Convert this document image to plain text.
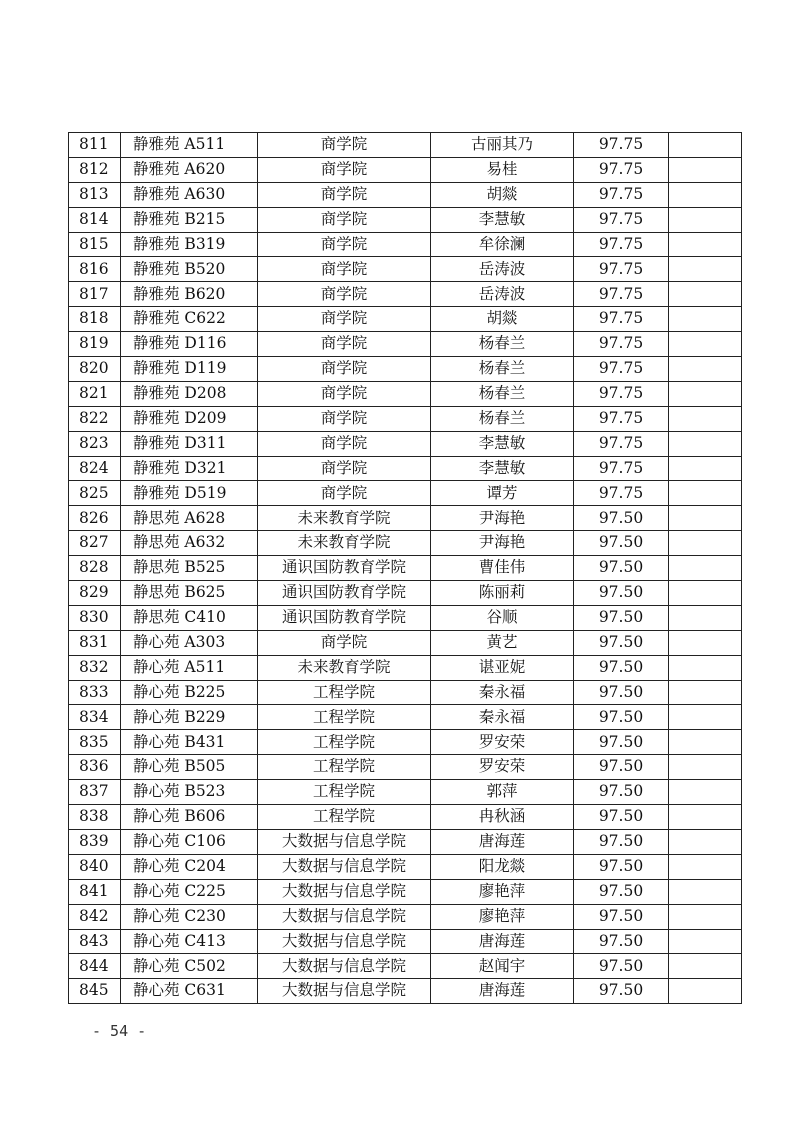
811	静雅苑 A511	商学院	古丽其乃	97.75	
812	静雅苑 A620	商学院	易桂	97.75	
813	静雅苑 A630	商学院	胡燚	97.75	
814	静雅苑 B215	商学院	李慧敏	97.75	
815	静雅苑 B319	商学院	牟徐澜	97.75	
816	静雅苑 B520	商学院	岳涛波	97.75	
817	静雅苑 B620	商学院	岳涛波	97.75	
818	静雅苑 C622	商学院	胡燚	97.75	
819	静雅苑 D116	商学院	杨春兰	97.75	
820	静雅苑 D119	商学院	杨春兰	97.75	
821	静雅苑 D208	商学院	杨春兰	97.75	
822	静雅苑 D209	商学院	杨春兰	97.75	
823	静雅苑 D311	商学院	李慧敏	97.75	
824	静雅苑 D321	商学院	李慧敏	97.75	
825	静雅苑 D519	商学院	谭芳	97.75	
826	静思苑 A628	未来教育学院	尹海艳	97.50	
827	静思苑 A632	未来教育学院	尹海艳	97.50	
828	静思苑 B525	通识国防教育学院	曹佳伟	97.50	
829	静思苑 B625	通识国防教育学院	陈丽莉	97.50	
830	静思苑 C410	通识国防教育学院	谷顺	97.50	
831	静心苑 A303	商学院	黄艺	97.50	
832	静心苑 A511	未来教育学院	谌亚妮	97.50	
833	静心苑 B225	工程学院	秦永福	97.50	
834	静心苑 B229	工程学院	秦永福	97.50	
835	静心苑 B431	工程学院	罗安荣	97.50	
836	静心苑 B505	工程学院	罗安荣	97.50	
837	静心苑 B523	工程学院	郭萍	97.50	
838	静心苑 B606	工程学院	冉秋涵	97.50	
839	静心苑 C106	大数据与信息学院	唐海莲	97.50	
840	静心苑 C204	大数据与信息学院	阳龙燚	97.50	
841	静心苑 C225	大数据与信息学院	廖艳萍	97.50	
842	静心苑 C230	大数据与信息学院	廖艳萍	97.50	
843	静心苑 C413	大数据与信息学院	唐海莲	97.50	
844	静心苑 C502	大数据与信息学院	赵闻宇	97.50	
845	静心苑 C631	大数据与信息学院	唐海莲	97.50	
- 54 -
